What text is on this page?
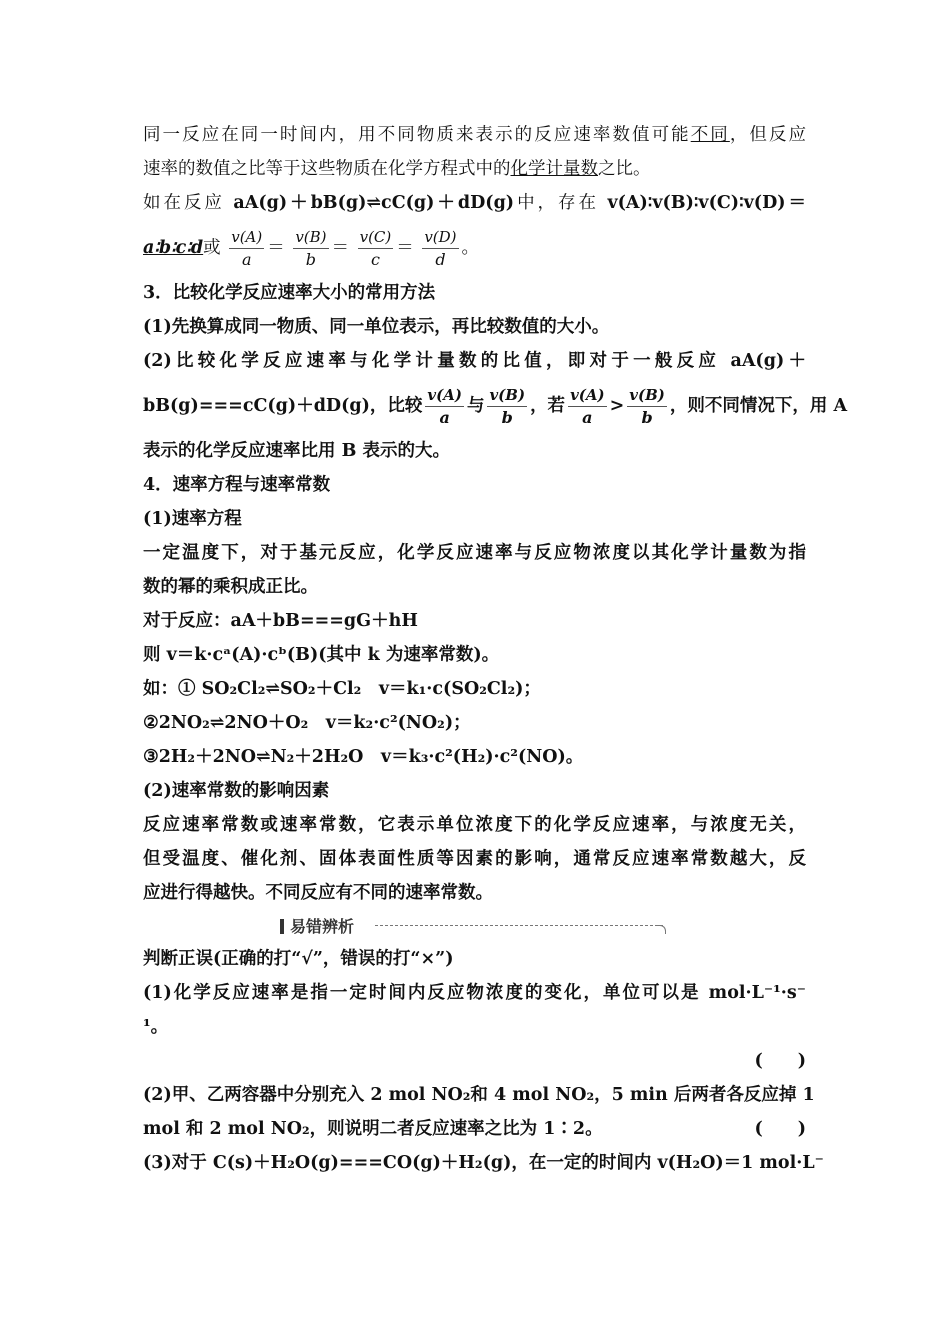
同一反应在同一时间内，用不同物质来表示的反应速率数值可能不同，但反应
速率的数值之比等于这些物质在化学方程式中的化学计量数之比。
如在反应 aA(g)＋bB(g)⇌cC(g)＋dD(g)中，存在 v(A)∶v(B)∶v(C)∶v(D)＝
a∶b∶c∶d或 $\frac{v(A)}{a} = \frac{v(B)}{b} = \frac{v(C)}{c} = \frac{v(D)}{d}$ 。
3．比较化学反应速率大小的常用方法
(1)先换算成同一物质、同一单位表示，再比较数值的大小。
(2)比较化学反应速率与化学计量数的比值，即对于一般反应 aA(g)＋
bB(g)===cC(g)＋dD(g)，比较 $\frac{v(A)}{a}$ 与 $\frac{v(B)}{b}$ ，若 $\frac{v(A)}{a} > \frac{v(B)}{b}$ ，则不同情况下，用 A
表示的化学反应速率比用 B 表示的大。
4．速率方程与速率常数
(1)速率方程
一定温度下，对于基元反应，化学反应速率与反应物浓度以其化学计量数为指
数的幂的乘积成正比。
对于反应：aA＋bB===gG＋hH
则 v＝k·cᵃ(A)·cᵇ(B)(其中 k 为速率常数)。
如：① SO₂Cl₂⇌SO₂＋Cl₂　v＝k₁·c(SO₂Cl₂)；
②2NO₂⇌2NO＋O₂　v＝k₂·c²(NO₂)；
③2H₂＋2NO⇌N₂＋2H₂O　v＝k₃·c²(H₂)·c²(NO)。
(2)速率常数的影响因素
反应速率常数或速率常数，它表示单位浓度下的化学反应速率，与浓度无关，
但受温度、催化剂、固体表面性质等因素的影响，通常反应速率常数越大，反
应进行得越快。不同反应有不同的速率常数。
易错辨析
判断正误(正确的打“√”，错误的打“×”)
(1)化学反应速率是指一定时间内反应物浓度的变化，单位可以是 mol·L⁻¹·s⁻
¹。
(　　)
(2)甲、乙两容器中分别充入 2 mol NO₂和 4 mol NO₂，5 min 后两者各反应掉 1
mol 和 2 mol NO₂，则说明二者反应速率之比为 1∶2。	(　　)
(3)对于 C(s)＋H₂O(g)===CO(g)＋H₂(g)，在一定的时间内 v(H₂O)＝1 mol·L⁻
